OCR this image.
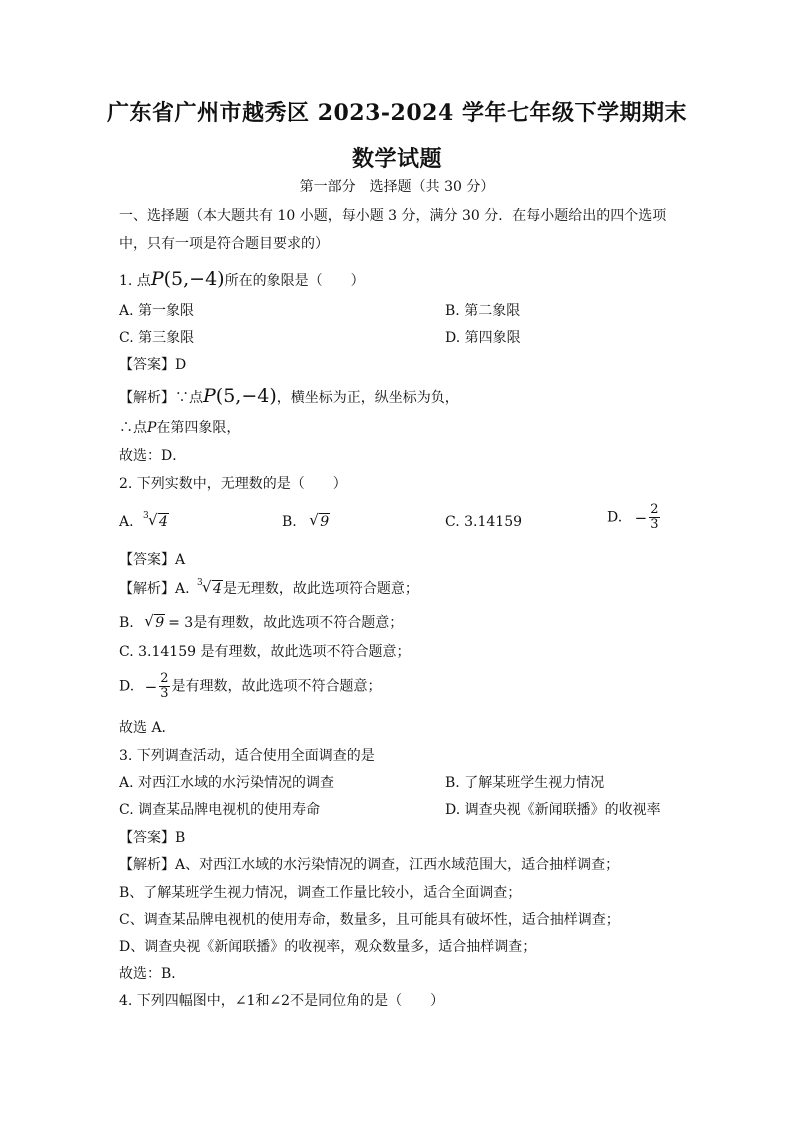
广东省广州市越秀区 2023-2024 学年七年级下学期期末
数学试题
第一部分　选择题（共 30 分）
一、选择题（本大题共有 10 小题，每小题 3 分，满分 30 分．在每小题给出的四个选项
中，只有一项是符合题目要求的）
1. 点P(5,−4)所在的象限是（　　）
A. 第一象限	B. 第二象限
C. 第三象限	D. 第四象限
【答案】D
【解析】∵点P(5,−4)，横坐标为正，纵坐标为负，
∴点P在第四象限，
故选：D．
2. 下列实数中，无理数的是（　　）
A. 3 √ 4	B. √ 9	C. 3.14159	D. − $\frac{2}{3}$
【答案】A
【解析】A. 3 √ 4是无理数，故此选项符合题意；
B. √ 9 = 3是有理数，故此选项不符合题意；
C. 3.14159 是有理数，故此选项不符合题意；
D. − $\frac{2}{3}$ 是有理数，故此选项不符合题意；
故选 A．
3. 下列调查活动，适合使用全面调查的是
A. 对西江水域的水污染情况的调查	B. 了解某班学生视力情况
C. 调查某品牌电视机的使用寿命	D. 调查央视《新闻联播》的收视率
【答案】B
【解析】A、对西江水域的水污染情况的调查，江西水域范围大，适合抽样调查；
B、了解某班学生视力情况，调查工作量比较小，适合全面调查；
C、调查某品牌电视机的使用寿命，数量多，且可能具有破坏性，适合抽样调查；
D、调查央视《新闻联播》的收视率，观众数量多，适合抽样调查；
故选：B．
4. 下列四幅图中，∠1和∠2不是同位角的是（　　）
